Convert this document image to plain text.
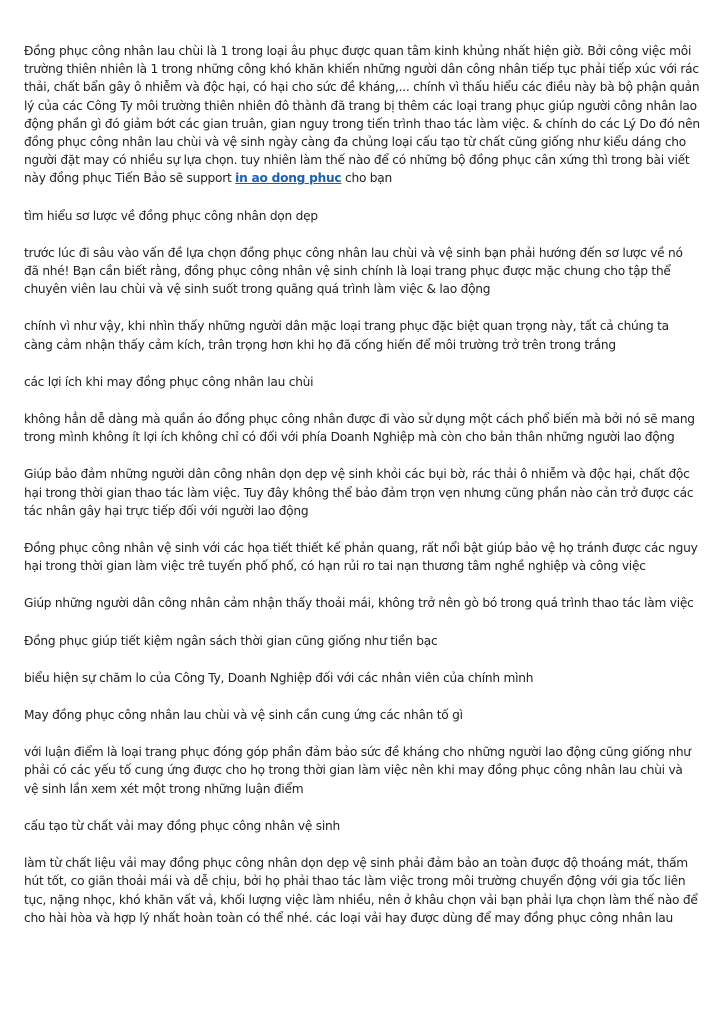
Đồng phục công nhân lau chùi là 1 trong loại âu phục được quan tâm kinh khủng nhất hiện giờ. Bởi công việc môi trường thiên nhiên là 1 trong những công khó khăn khiến những người dân công nhân tiếp tục phải tiếp xúc với rác thải, chất bẩn gây ô nhiễm và độc hại, có hại cho sức đề kháng,... chính vì thấu hiểu các điều này bà bộ phận quản lý của các Công Ty môi trường thiên nhiên đô thành đã trang bị thêm các loại trang phục giúp người công nhân lao động phần gì đó giảm bớt các gian truân, gian nguy trong tiến trình thao tác làm việc. & chính do các Lý Do đó nên đồng phục công nhân lau chùi và vệ sinh ngày càng đa chủng loại cấu tạo từ chất cũng giống như kiểu dáng cho người đặt may có nhiều sự lựa chọn. tuy nhiên làm thế nào để có những bộ đồng phục cân xứng thì trong bài viết này đồng phục Tiến Bảo sẽ support in ao dong phuc cho bạn

tìm hiểu sơ lược về đồng phục công nhân dọn dẹp

trước lúc đi sâu vào vấn đề lựa chọn đồng phục công nhân lau chùi và vệ sinh bạn phải hướng đến sơ lược về nó đã nhé! Bạn cần biết rằng, đồng phục công nhân vệ sinh chính là loại trang phục được mặc chung cho tập thể chuyên viên lau chùi và vệ sinh suốt trong quãng quá trình làm việc & lao động

chính vì như vậy, khi nhìn thấy những người dân mặc loại trang phục đặc biệt quan trọng này, tất cả chúng ta càng cảm nhận thấy cảm kích, trân trọng hơn khi họ đã cống hiến để môi trường trở trên trong trắng

các lợi ích khi may đồng phục công nhân lau chùi

không hẳn dễ dàng mà quần áo đồng phục công nhân được đi vào sử dụng một cách phổ biến mà bởi nó sẽ mang trong mình không ít lợi ích không chỉ có đối với phía Doanh Nghiệp mà còn cho bản thân những người lao động

Giúp bảo đảm những người dân công nhân dọn dẹp vệ sinh khỏi các bụi bờ, rác thải ô nhiễm và độc hại, chất độc hại trong thời gian thao tác làm việc. Tuy đây không thể bảo đảm trọn vẹn nhưng cũng phần nào cản trở được các tác nhân gây hại trực tiếp đối với người lao động

Đồng phục công nhân vệ sinh với các họa tiết thiết kế phản quang, rất nổi bật giúp bảo vệ họ tránh được các nguy hại trong thời gian làm việc trê tuyến phố phố, có hạn rủi ro tai nạn thương tâm nghề nghiệp và công việc

Giúp những người dân công nhân cảm nhận thấy thoải mái, không trở nên gò bó trong quá trình thao tác làm việc

Đồng phục giúp tiết kiệm ngân sách thời gian cũng giống như tiền bạc

biểu hiện sự chăm lo của Công Ty, Doanh Nghiệp đối với các nhân viên của chính mình

May đồng phục công nhân lau chùi và vệ sinh cần cung ứng các nhân tố gì

với luận điểm là loại trang phục đóng góp phần đảm bảo sức đề kháng cho những người lao động cũng giống như phải có các yếu tố cung ứng được cho họ trong thời gian làm việc nên khi may đồng phục công nhân lau chùi và vệ sinh lần xem xét một trong những luận điểm

cấu tạo từ chất vải may đồng phục công nhân vệ sinh

làm từ chất liệu vải may đồng phục công nhân dọn dẹp vệ sinh phải đảm bảo an toàn được độ thoáng mát, thấm hút tốt, co giãn thoải mái và dễ chịu, bởi họ phải thao tác làm việc trong môi trường chuyển động với gia tốc liên tục, nặng nhọc, khó khăn vất vả, khối lượng việc làm nhiều, nên ở khâu chọn vải bạn phải lựa chọn làm thế nào để cho hài hòa và hợp lý nhất hoàn toàn có thể nhé. các loại vải hay được dùng để may đồng phục công nhân lau
